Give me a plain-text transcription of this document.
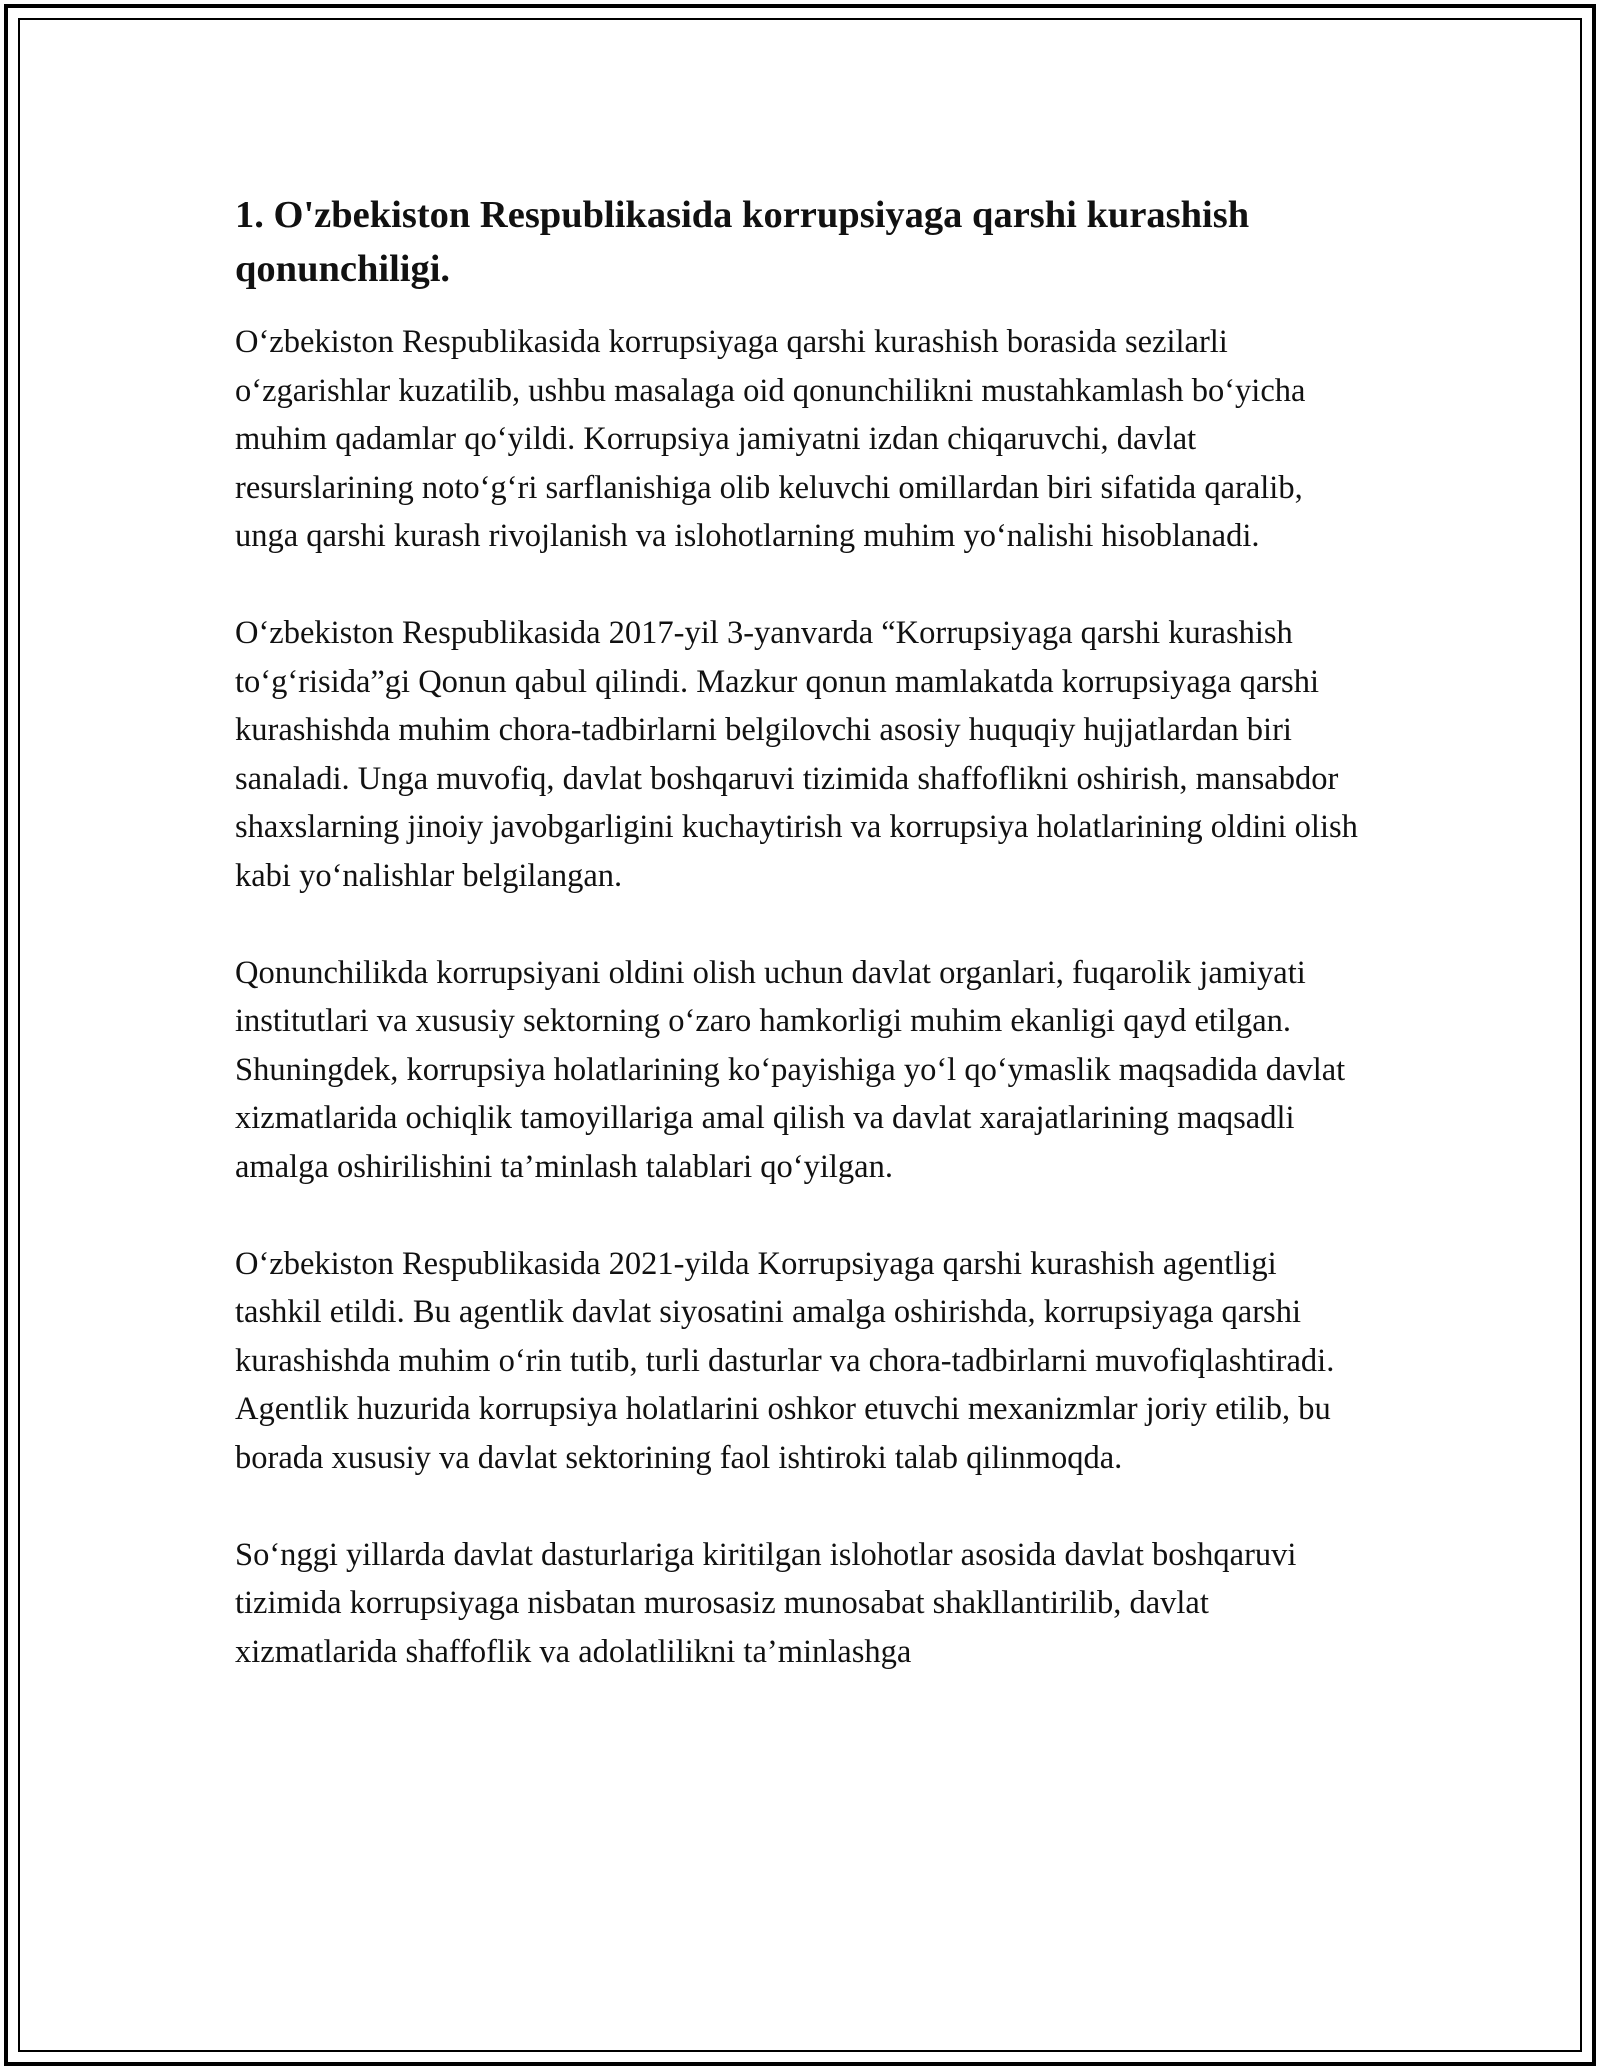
1. O'zbekiston Respublikasida korrupsiyaga qarshi kurashish qonunchiligi.

O‘zbekiston Respublikasida korrupsiyaga qarshi kurashish borasida sezilarli o‘zgarishlar kuzatilib, ushbu masalaga oid qonunchilikni mustahkamlash bo‘yicha muhim qadamlar qo‘yildi. Korrupsiya jamiyatni izdan chiqaruvchi, davlat resurslarining noto‘g‘ri sarflanishiga olib keluvchi omillardan biri sifatida qaralib, unga qarshi kurash rivojlanish va islohotlarning muhim yo‘nalishi hisoblanadi.

O‘zbekiston Respublikasida 2017-yil 3-yanvarda “Korrupsiyaga qarshi kurashish to‘g‘risida”gi Qonun qabul qilindi. Mazkur qonun mamlakatda korrupsiyaga qarshi kurashishda muhim chora-tadbirlarni belgilovchi asosiy huquqiy hujjatlardan biri sanaladi. Unga muvofiq, davlat boshqaruvi tizimida shaffoflikni oshirish, mansabdor shaxslarning jinoiy javobgarligini kuchaytirish va korrupsiya holatlarining oldini olish kabi yo‘nalishlar belgilangan.

Qonunchilikda korrupsiyani oldini olish uchun davlat organlari, fuqarolik jamiyati institutlari va xususiy sektorning o‘zaro hamkorligi muhim ekanligi qayd etilgan. Shuningdek, korrupsiya holatlarining ko‘payishiga yo‘l qo‘ymaslik maqsadida davlat xizmatlarida ochiqlik tamoyillariga amal qilish va davlat xarajatlarining maqsadli amalga oshirilishini ta’minlash talablari qo‘yilgan.

O‘zbekiston Respublikasida 2021-yilda Korrupsiyaga qarshi kurashish agentligi tashkil etildi. Bu agentlik davlat siyosatini amalga oshirishda, korrupsiyaga qarshi kurashishda muhim o‘rin tutib, turli dasturlar va chora-tadbirlarni muvofiqlashtiradi. Agentlik huzurida korrupsiya holatlarini oshkor etuvchi mexanizmlar joriy etilib, bu borada xususiy va davlat sektorining faol ishtiroki talab qilinmoqda.

So‘nggi yillarda davlat dasturlariga kiritilgan islohotlar asosida davlat boshqaruvi tizimida korrupsiyaga nisbatan murosasiz munosabat shakllantirilib, davlat xizmatlarida shaffoflik va adolatlilikni ta’minlashga
